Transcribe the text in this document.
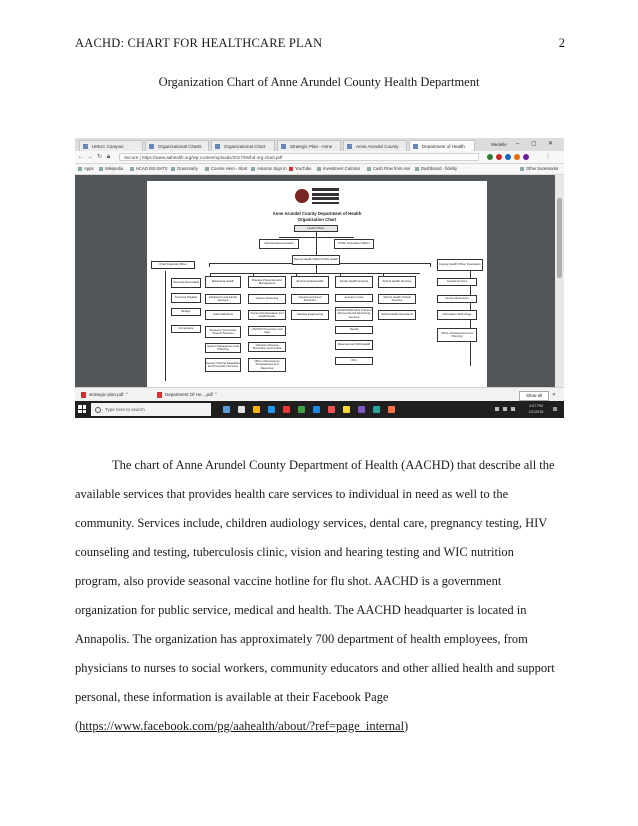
AACHD: CHART FOR HEALTHCARE PLAN	2
Organization Chart of Anne Arundel County Health Department
UMUC Campus	Organizational Charts	Organizational Chart	Strategic Plan - Anne	Anne Arundel County	Department of Health	Medelle – ▢ ✕
← → ↻ 🔒︎	Secure | https://www.aahealth.org/wp-content/uploads/2017/06/hd-org-chart.pdf	⋮
Apps	Wikipedia	HCAD IBS BATS	Grammarly	Course Hero - Start	Amazon Sign In	YouTube	Investment Calculat	Cash Flow from Ass	Dashboard - fidelity	Other bookmarks
Anne Arundel County Department of Health
Organization Chart
Health Officer
Administrative Assistant	Public Information Officer
Deputy Health Officer Public Health
Chief Financial Officer	Deputy Health Officer Operations
Accounts Receivable
Accounts Payable
Budget
Compliance
Central Services
Human Resources
Information Technology
Office of Assessment and Planning
Behavioral Health	Disease Prevention and Management	Environmental Health	Family Health Services	School Health Services
Adolescent and Family Services
Adult Addictions
Recovery Community Support Services
System Management and Planning
System Training Evaluation and Prevention Services
Cancer Screening
Community Education and Health Equity
HIV/STD Prevention and Care
Infectious Disease Prevention and Control
Office of Emergency Preparedness and Response
Housing and Food Protection
Sanitary Engineering
Access to Care
LEAD/ASAIR Adult Oral and Women Dental Monitoring Services
Dental
Maternal and Child Health
WIC
School Health Clinical Services
School Health Operations
strategic-plan.pdf ⌃	Department Of He....pdf ⌃	Show all	✕
Type here to search
3:07 PM
2/1/2018
The chart of Anne Arundel County Department of Health (AACHD) that describe all the
available services that provides health care services to individual in need as well to the
community. Services include, children audiology services, dental care, pregnancy testing, HIV
counseling and testing, tuberculosis clinic, vision and hearing testing and WIC nutrition
program, also provide seasonal vaccine hotline for flu shot. AACHD is a government
organization for public service, medical and health. The AACHD headquarter is located in
Annapolis. The organization has approximately 700 department of health employees, from
physicians to nurses to social workers, community educators and other allied health and support
personal, these information is available at their Facebook Page
(https://www.facebook.com/pg/aahealth/about/?ref=page_internal)
